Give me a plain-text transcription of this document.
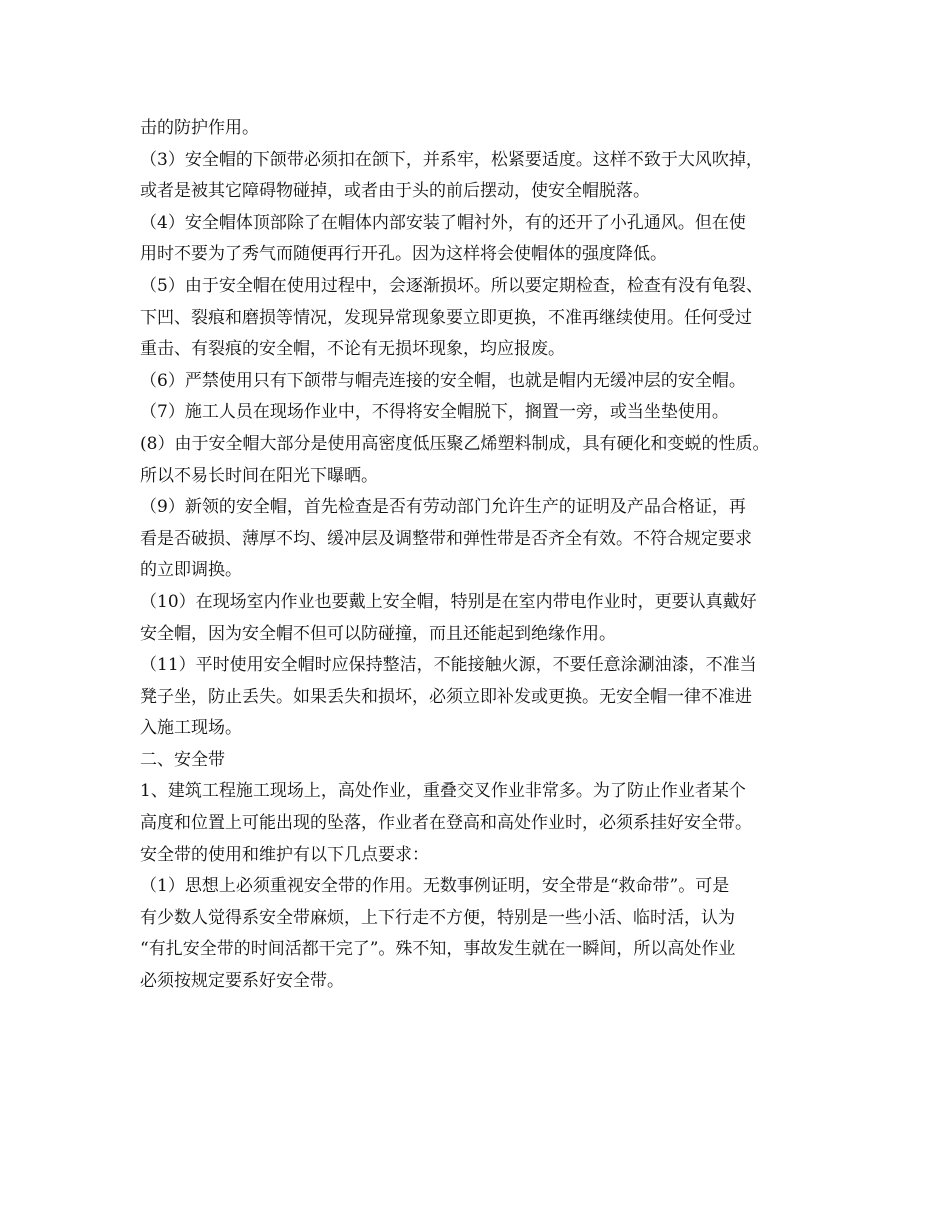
击的防护作用。
（3）安全帽的下颌带必须扣在颌下，并系牢，松紧要适度。这样不致于大风吹掉，
或者是被其它障碍物碰掉，或者由于头的前后摆动，使安全帽脱落。
（4）安全帽体顶部除了在帽体内部安装了帽衬外，有的还开了小孔通风。但在使
用时不要为了秀气而随便再行开孔。因为这样将会使帽体的强度降低。
（5）由于安全帽在使用过程中，会逐渐损坏。所以要定期检查，检查有没有龟裂、
下凹、裂痕和磨损等情况，发现异常现象要立即更换，不准再继续使用。任何受过
重击、有裂痕的安全帽，不论有无损坏现象，均应报废。
（6）严禁使用只有下颌带与帽壳连接的安全帽，也就是帽内无缓冲层的安全帽。
（7）施工人员在现场作业中，不得将安全帽脱下，搁置一旁，或当坐垫使用。
(8）由于安全帽大部分是使用高密度低压聚乙烯塑料制成，具有硬化和变蜕的性质。
所以不易长时间在阳光下曝晒。
（9）新领的安全帽，首先检查是否有劳动部门允许生产的证明及产品合格证，再
看是否破损、薄厚不均、缓冲层及调整带和弹性带是否齐全有效。不符合规定要求
的立即调换。
（10）在现场室内作业也要戴上安全帽，特别是在室内带电作业时，更要认真戴好
安全帽，因为安全帽不但可以防碰撞，而且还能起到绝缘作用。
（11）平时使用安全帽时应保持整洁，不能接触火源，不要任意涂涮油漆，不准当
凳子坐，防止丢失。如果丢失和损坏，必须立即补发或更换。无安全帽一律不准进
入施工现场。
二、安全带
1、建筑工程施工现场上，高处作业，重叠交叉作业非常多。为了防止作业者某个
高度和位置上可能出现的坠落，作业者在登高和高处作业时，必须系挂好安全带。
安全带的使用和维护有以下几点要求：
（1）思想上必须重视安全带的作用。无数事例证明，安全带是“救命带”。可是
有少数人觉得系安全带麻烦，上下行走不方便，特别是一些小活、临时活，认为
“有扎安全带的时间活都干完了”。殊不知，事故发生就在一瞬间，所以高处作业
必须按规定要系好安全带。
